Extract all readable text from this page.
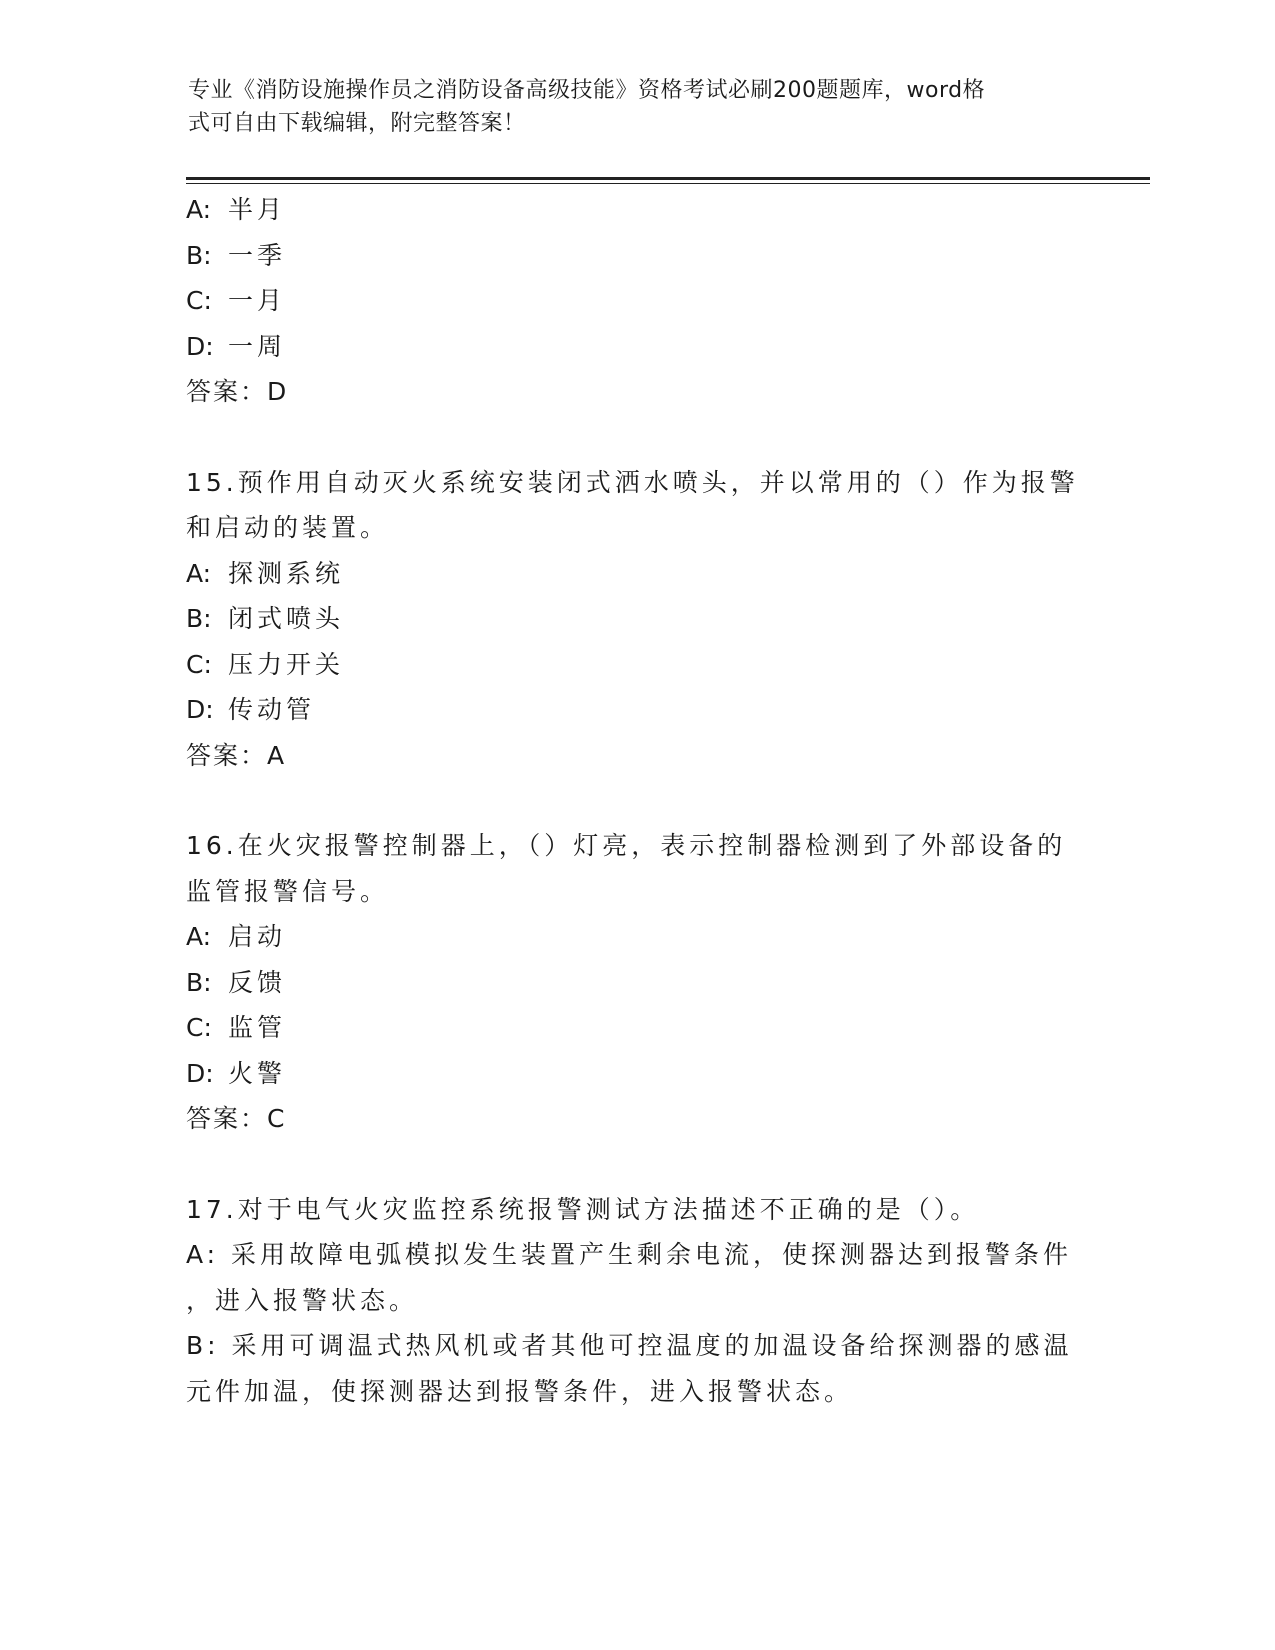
专业《消防设施操作员之消防设备高级技能》资格考试必刷200题题库，word格
式可自由下载编辑，附完整答案！
A: 半月
B: 一季
C: 一月
D: 一周
答案：D
15.预作用自动灭火系统安装闭式洒水喷头，并以常用的（）作为报警
和启动的装置。
A: 探测系统
B: 闭式喷头
C: 压力开关
D: 传动管
答案：A
16.在火灾报警控制器上，（）灯亮，表示控制器检测到了外部设备的
监管报警信号。
A: 启动
B: 反馈
C: 监管
D: 火警
答案：C
17.对于电气火灾监控系统报警测试方法描述不正确的是（）。
A: 采用故障电弧模拟发生装置产生剩余电流，使探测器达到报警条件
，进入报警状态。
B: 采用可调温式热风机或者其他可控温度的加温设备给探测器的感温
元件加温，使探测器达到报警条件，进入报警状态。
